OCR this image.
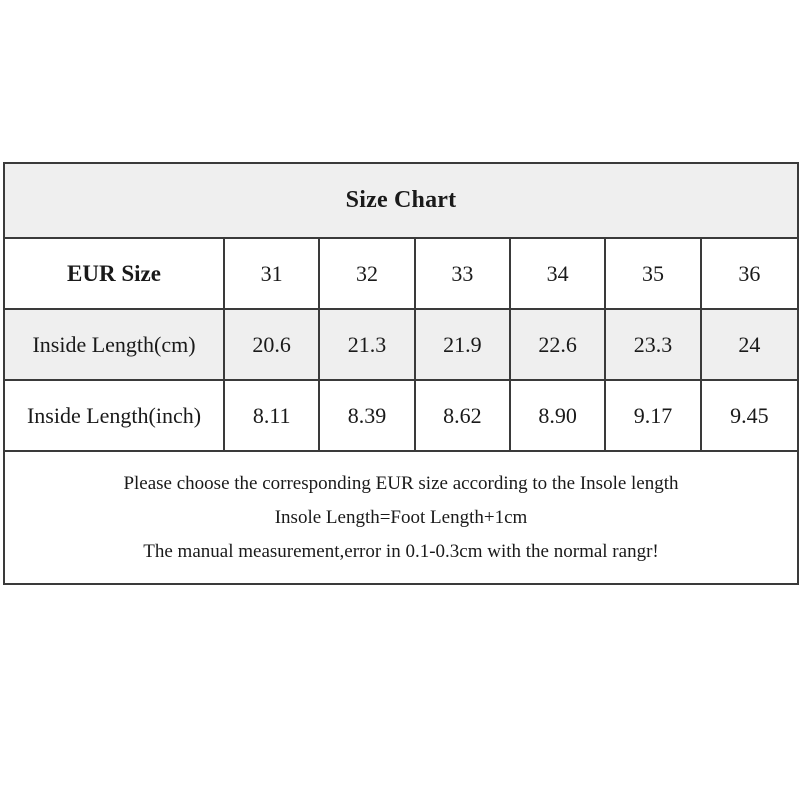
Size Chart
EUR Size	31	32	33	34	35	36
Inside Length(cm)	20.6	21.3	21.9	22.6	23.3	24
Inside Length(inch)	8.11	8.39	8.62	8.90	9.17	9.45
Please choose the corresponding EUR size according to the Insole length
Insole Length=Foot Length+1cm
The manual measurement,error in 0.1-0.3cm with the normal rangr!
